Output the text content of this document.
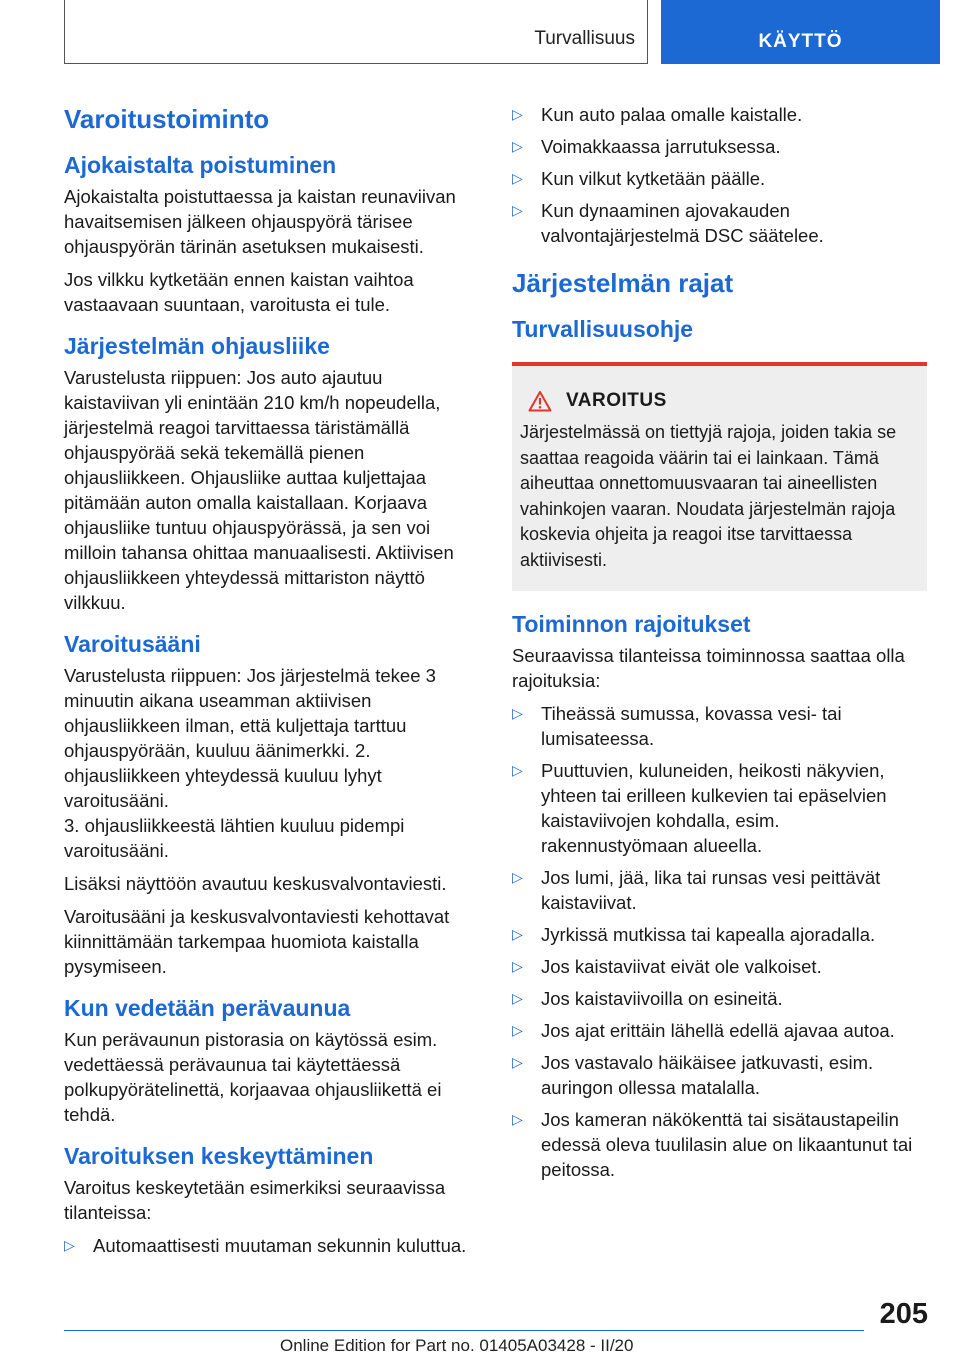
Turvallisuus	KÄYTTÖ
Varoitustoiminto
Ajokaistalta poistuminen

Ajokaistalta poistuttaessa ja kaistan reunaviivan havaitsemisen jälkeen ohjauspyörä tärisee ohjauspyörän tärinän asetuksen mukaisesti.

Jos vilkku kytketään ennen kaistan vaihtoa vastaavaan suuntaan, varoitusta ei tule.

Järjestelmän ohjausliike

Varustelusta riippuen: Jos auto ajautuu kaistaviivan yli enintään 210 km/h nopeudella, järjestelmä reagoi tarvittaessa täristämällä ohjauspyörää sekä tekemällä pienen ohjausliikkeen. Ohjausliike auttaa kuljettajaa pitämään auton omalla kaistallaan. Korjaava ohjausliike tuntuu ohjauspyörässä, ja sen voi milloin tahansa ohittaa manuaalisesti. Aktiivisen ohjausliikkeen yhteydessä mittariston näyttö vilkkuu.

Varoitusääni

Varustelusta riippuen: Jos järjestelmä tekee 3 minuutin aikana useamman aktiivisen ohjausliikkeen ilman, että kuljettaja tarttuu ohjauspyörään, kuuluu äänimerkki. 2. ohjausliikkeen yhteydessä kuuluu lyhyt varoitusääni.

3. ohjausliikkeestä lähtien kuuluu pidempi varoitusääni.

Lisäksi näyttöön avautuu keskusvalvontaviesti.

Varoitusääni ja keskusvalvontaviesti kehottavat kiinnittämään tarkempaa huomiota kaistalla pysymiseen.

Kun vedetään perävaunua

Kun perävaunun pistorasia on käytössä esim. vedettäessä perävaunua tai käytettäessä polkupyörätelinettä, korjaavaa ohjausliikettä ei tehdä.

Varoituksen keskeyttäminen

Varoitus keskeytetään esimerkiksi seuraavissa tilanteissa:

▷ Automaattisesti muutaman sekunnin kuluttua.
▷ Kun auto palaa omalle kaistalle.
▷ Voimakkaassa jarrutuksessa.
▷ Kun vilkut kytketään päälle.
▷ Kun dynaaminen ajovakauden valvontajärjestelmä DSC säätelee.
Järjestelmän rajat
Turvallisuusohje
VAROITUS

Järjestelmässä on tiettyjä rajoja, joiden takia se saattaa reagoida väärin tai ei lainkaan. Tämä aiheuttaa onnettomuusvaaran tai aineellisten vahinkojen vaaran. Noudata järjestelmän rajoja koskevia ohjeita ja reagoi itse tarvittaessa aktiivisesti.

Toiminnon rajoitukset

Seuraavissa tilanteissa toiminnossa saattaa olla rajoituksia:

▷ Tiheässä sumussa, kovassa vesi- tai lumisateessa.
▷ Puuttuvien, kuluneiden, heikosti näkyvien, yhteen tai erilleen kulkevien tai epäselvien kaistaviivojen kohdalla, esim. rakennustyömaan alueella.
▷ Jos lumi, jää, lika tai runsas vesi peittävät kaistaviivat.
▷ Jyrkissä mutkissa tai kapealla ajoradalla.
▷ Jos kaistaviivat eivät ole valkoiset.
▷ Jos kaistaviivoilla on esineitä.
▷ Jos ajat erittäin lähellä edellä ajavaa autoa.
▷ Jos vastavalo häikäisee jatkuvasti, esim. auringon ollessa matalalla.
▷ Jos kameran näkökenttä tai sisätaustapeilin edessä oleva tuulilasin alue on likaantunut tai peitossa.
205
Online Edition for Part no. 01405A03428 - II/20
